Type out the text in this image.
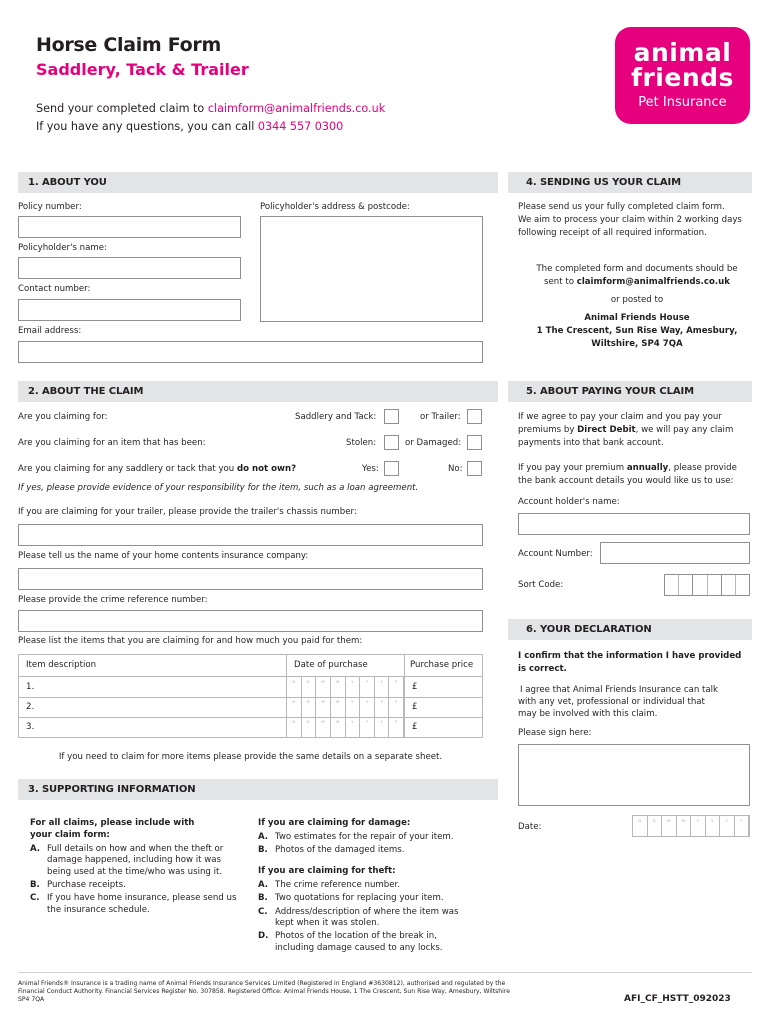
Horse Claim Form
Saddlery, Tack & Trailer
Send your completed claim to claimform@animalfriends.co.uk
If you have any questions, you can call 0344 557 0300
animal
friends
Pet Insurance
1. ABOUT YOU
Policy number:	Policyholder's address & postcode:
Policyholder's name:
Contact number:
Email address:
4. SENDING US YOUR CLAIM
Please send us your fully completed claim form.
We aim to process your claim within 2 working days
following receipt of all required information.
The completed form and documents should be
sent to claimform@animalfriends.co.uk
or posted to
Animal Friends House
1 The Crescent, Sun Rise Way, Amesbury,
Wiltshire, SP4 7QA
2. ABOUT THE CLAIM
Are you claiming for:	Saddlery and Tack:	or Trailer:
Are you claiming for an item that has been:	Stolen:	or Damaged:
Are you claiming for any saddlery or tack that you do not own?	Yes:	No:
If yes, please provide evidence of your responsibility for the item, such as a loan agreement.
If you are claiming for your trailer, please provide the trailer's chassis number:
Please tell us the name of your home contents insurance company:
Please provide the crime reference number:
Please list the items that you are claiming for and how much you paid for them:
Item description	Date of purchase	Purchase price
1.	D	D	M	M	Y	Y	Y	Y	£
2.	D	D	M	M	Y	Y	Y	Y	£
3.	D	D	M	M	Y	Y	Y	Y	£
If you need to claim for more items please provide the same details on a separate sheet.
5. ABOUT PAYING YOUR CLAIM
If we agree to pay your claim and you pay your
premiums by Direct Debit, we will pay any claim
payments into that bank account.
If you pay your premium annually, please provide
the bank account details you would like us to use:
Account holder's name:
Account Number:
Sort Code:
6. YOUR DECLARATION
I confirm that the information I have provided
is correct.
I agree that Animal Friends Insurance can talk
with any vet, professional or individual that
may be involved with this claim.
Please sign here:
Date:
D	D	M	M	Y	Y	Y	Y
3. SUPPORTING INFORMATION
For all claims, please include with
your claim form:
A. Full details on how and when the theft or damage happened, including how it was being used at the time/who was using it.
B. Purchase receipts.
C. If you have home insurance, please send us the insurance schedule.
If you are claiming for damage:
A. Two estimates for the repair of your item.
B. Photos of the damaged items.
If you are claiming for theft:
A. The crime reference number.
B. Two quotations for replacing your item.
C. Address/description of where the item was kept when it was stolen.
D. Photos of the location of the break in, including damage caused to any locks.
Animal Friends® Insurance is a trading name of Animal Friends Insurance Services Limited (Registered in England #3630812), authorised and regulated by the
Financial Conduct Authority. Financial Services Register No. 307858. Registered Office: Animal Friends House, 1 The Crescent, Sun Rise Way, Amesbury, Wiltshire
SP4 7QA	AFI_CF_HSTT_092023
